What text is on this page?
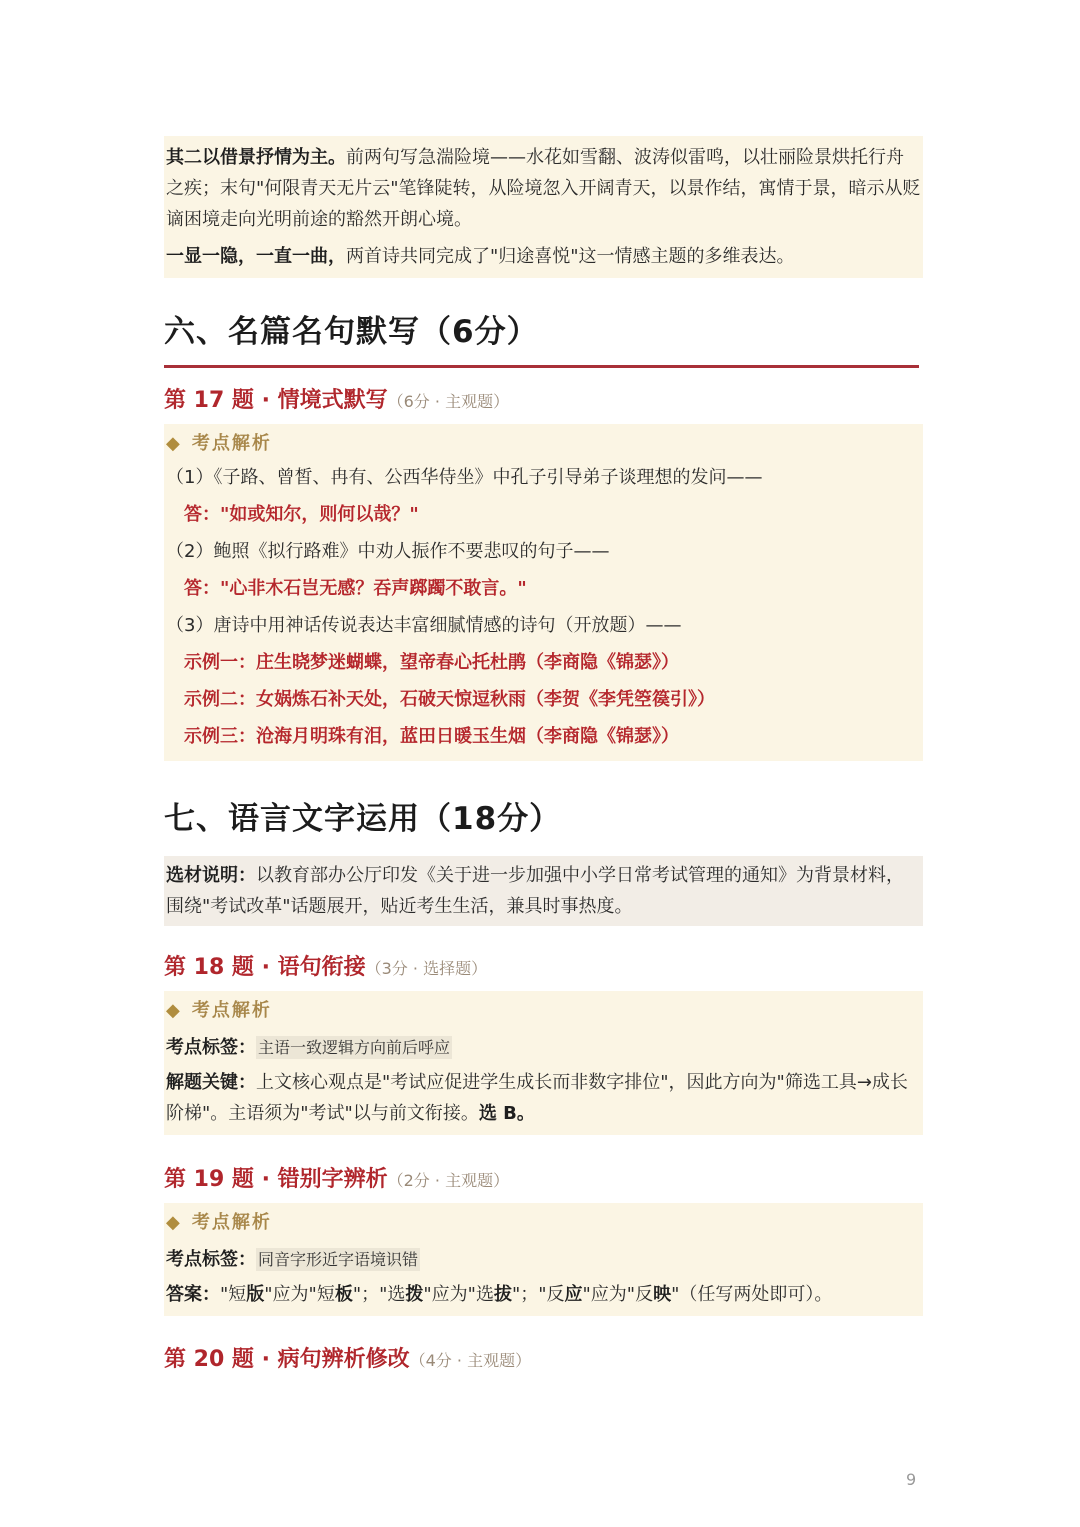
其二以借景抒情为主。前两句写急湍险境——水花如雪翻、波涛似雷鸣，以壮丽险景烘托行舟之疾；末句"何限青天无片云"笔锋陡转，从险境忽入开阔青天，以景作结，寓情于景，暗示从贬谪困境走向光明前途的豁然开朗心境。

一显一隐，一直一曲，两首诗共同完成了"归途喜悦"这一情感主题的多维表达。

六、名篇名句默写（6分）
第 17 题 · 情境式默写（6分 · 主观题）
◆ 考点解析
（1）《子路、曾皙、冉有、公西华侍坐》中孔子引导弟子谈理想的发问——
答："如或知尔，则何以哉？"
（2）鲍照《拟行路难》中劝人振作不要悲叹的句子——
答："心非木石岂无感？吞声踯躅不敢言。"
（3）唐诗中用神话传说表达丰富细腻情感的诗句（开放题）——
示例一：庄生晓梦迷蝴蝶，望帝春心托杜鹃（李商隐《锦瑟》）
示例二：女娲炼石补天处，石破天惊逗秋雨（李贺《李凭箜篌引》）
示例三：沧海月明珠有泪，蓝田日暖玉生烟（李商隐《锦瑟》）
七、语言文字运用（18分）
选材说明：以教育部办公厅印发《关于进一步加强中小学日常考试管理的通知》为背景材料，围绕"考试改革"话题展开，贴近考生生活，兼具时事热度。
第 18 题 · 语句衔接（3分 · 选择题）
◆ 考点解析
考点标签： 主语一致逻辑方向前后呼应
解题关键：上文核心观点是"考试应促进学生成长而非数字排位"，因此方向为"筛选工具→成长阶梯"。主语须为"考试"以与前文衔接。选 B。
第 19 题 · 错别字辨析（2分 · 主观题）
◆ 考点解析
考点标签： 同音字形近字语境识错
答案："短版"应为"短板"；"选拨"应为"选拔"；"反应"应为"反映"（任写两处即可）。
第 20 题 · 病句辨析修改（4分 · 主观题）
9
